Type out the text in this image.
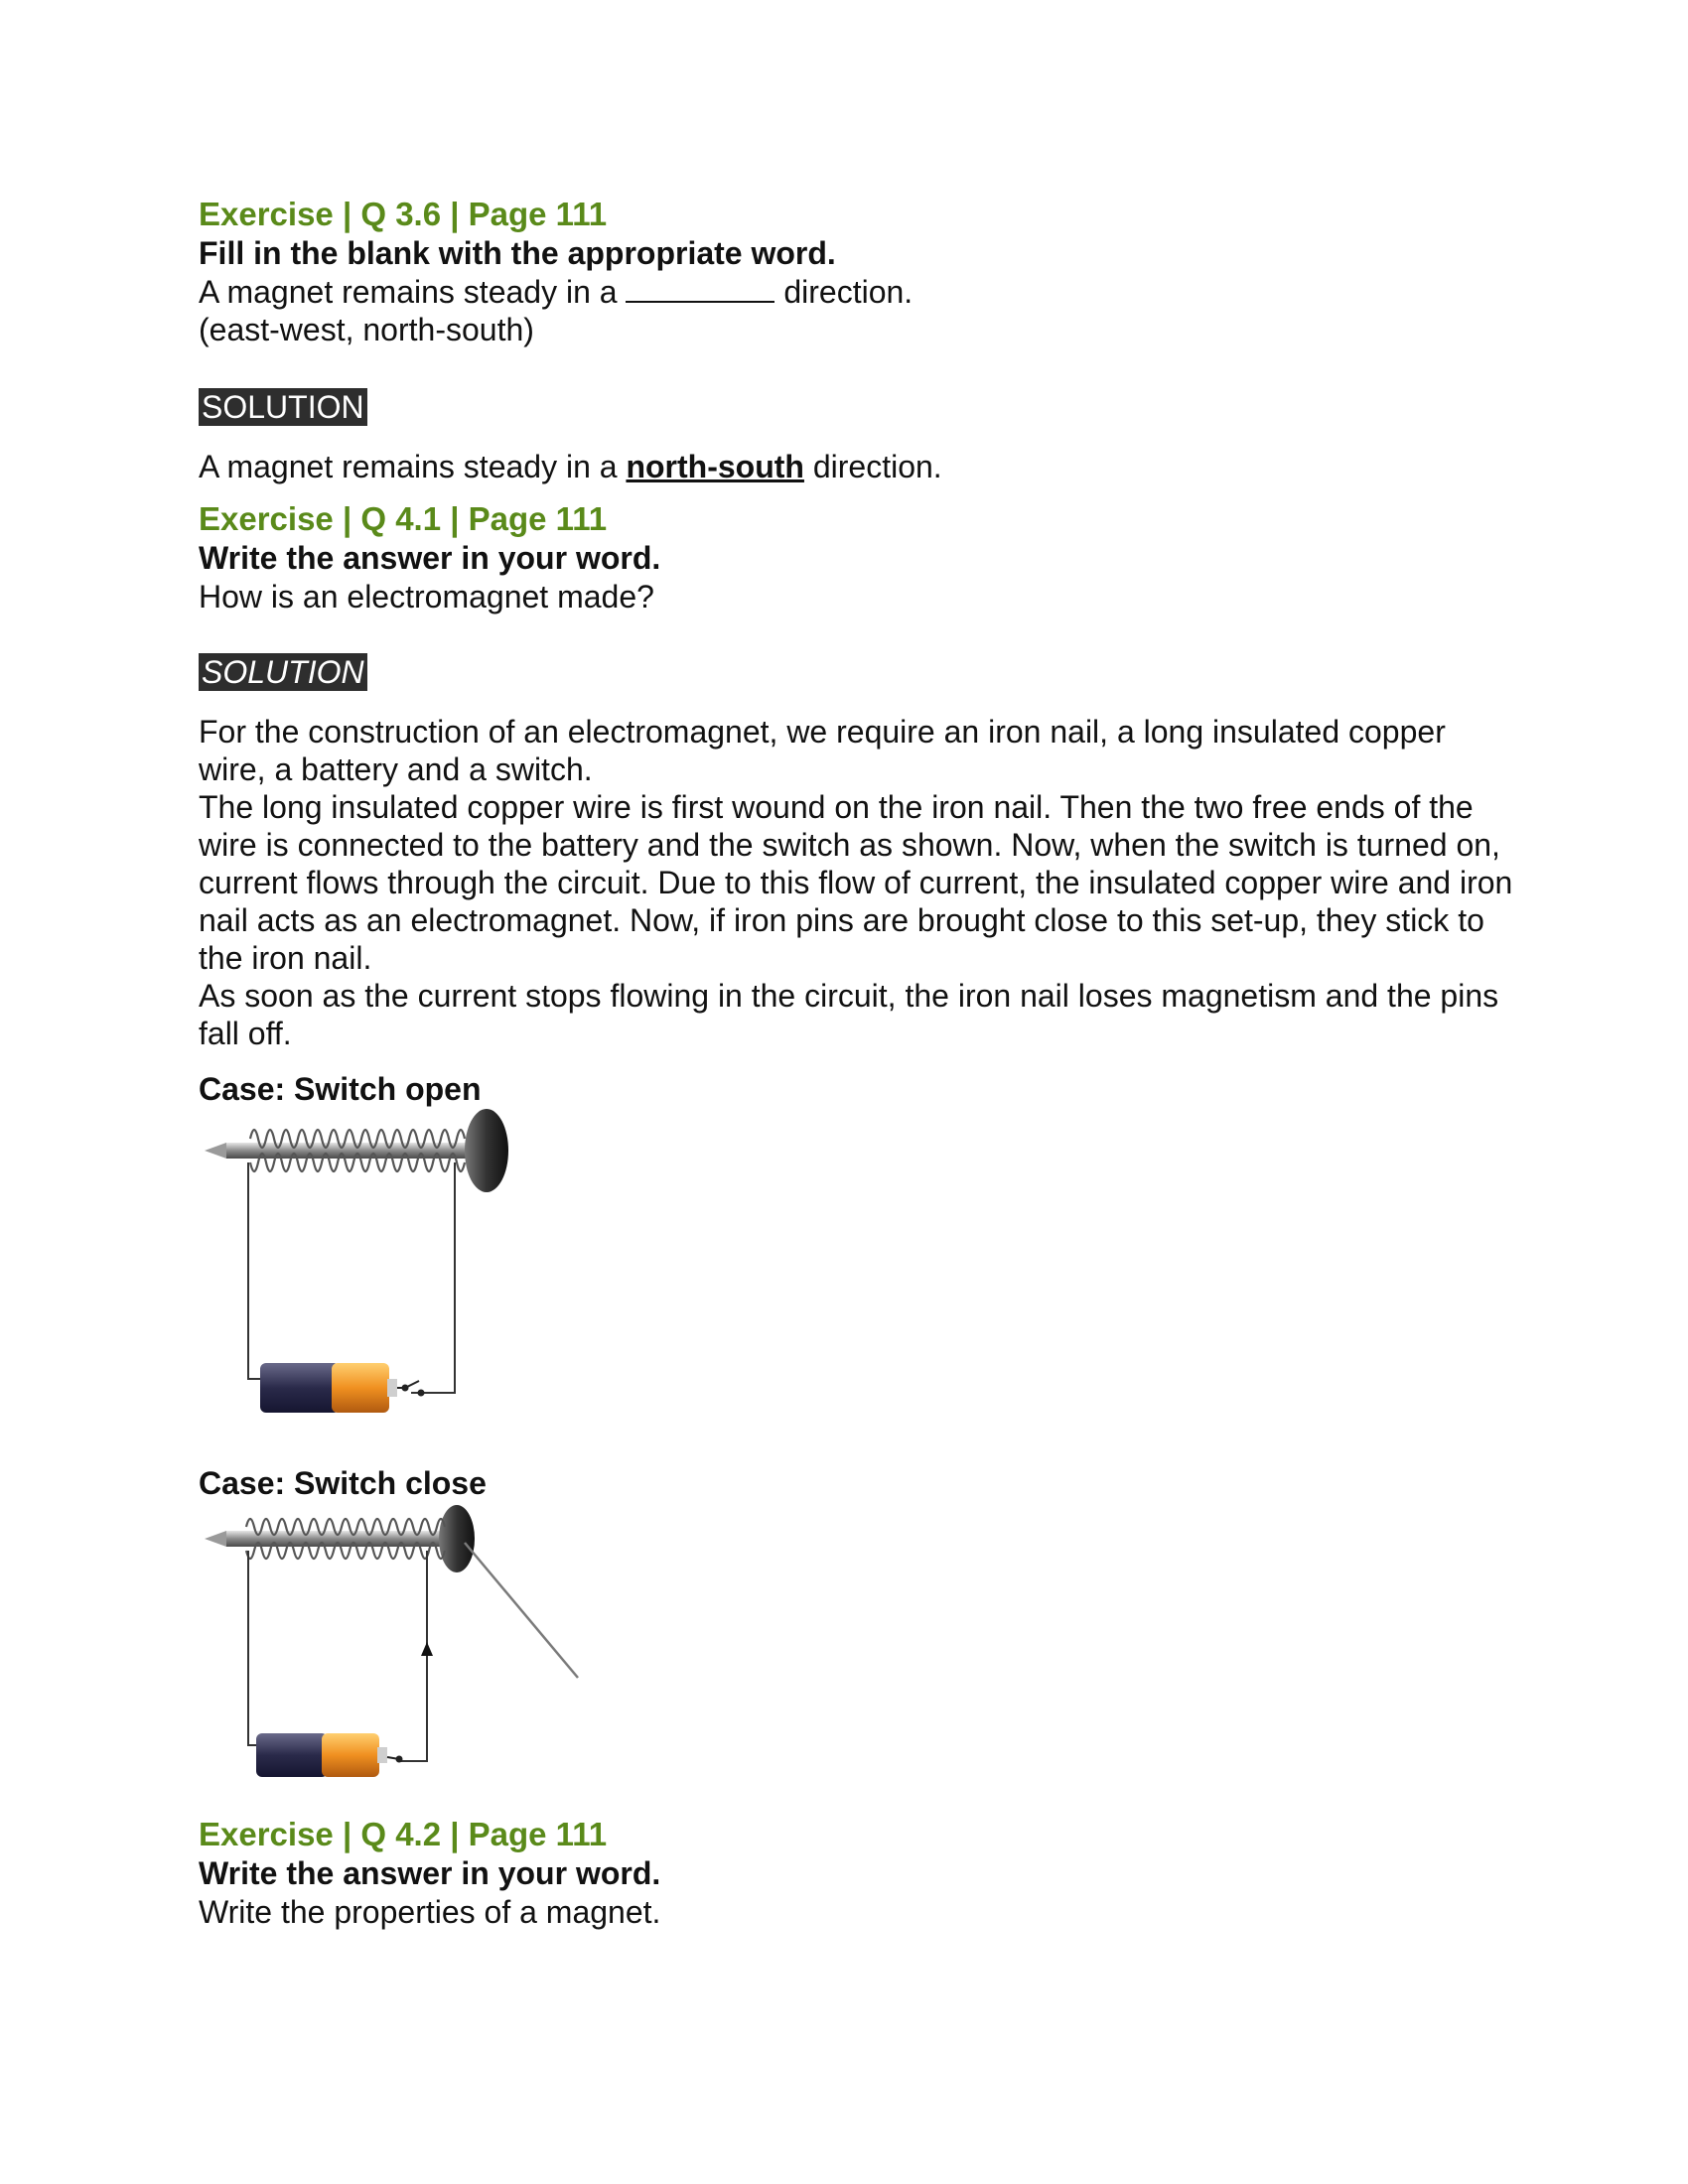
Exercise | Q 3.6 | Page 111

Fill in the blank with the appropriate word.

A magnet remains steady in a	direction.

(east-west, north-south)

SOLUTION

A magnet remains steady in a north-south direction.

Exercise | Q 4.1 | Page 111

Write the answer in your word.

How is an electromagnet made?

SOLUTION

For the construction of an electromagnet, we require an iron nail, a long insulated copper wire, a battery and a switch.

The long insulated copper wire is first wound on the iron nail. Then the two free ends of the wire is connected to the battery and the switch as shown. Now, when the switch is turned on, current flows through the circuit. Due to this flow of current, the insulated copper wire and iron nail acts as an electromagnet. Now, if iron pins are brought close to this set-up, they stick to the iron nail.

As soon as the current stops flowing in the circuit, the iron nail loses magnetism and the pins fall off.

Case: Switch open

Case: Switch close

Exercise | Q 4.2 | Page 111

Write the answer in your word.

Write the properties of a magnet.
